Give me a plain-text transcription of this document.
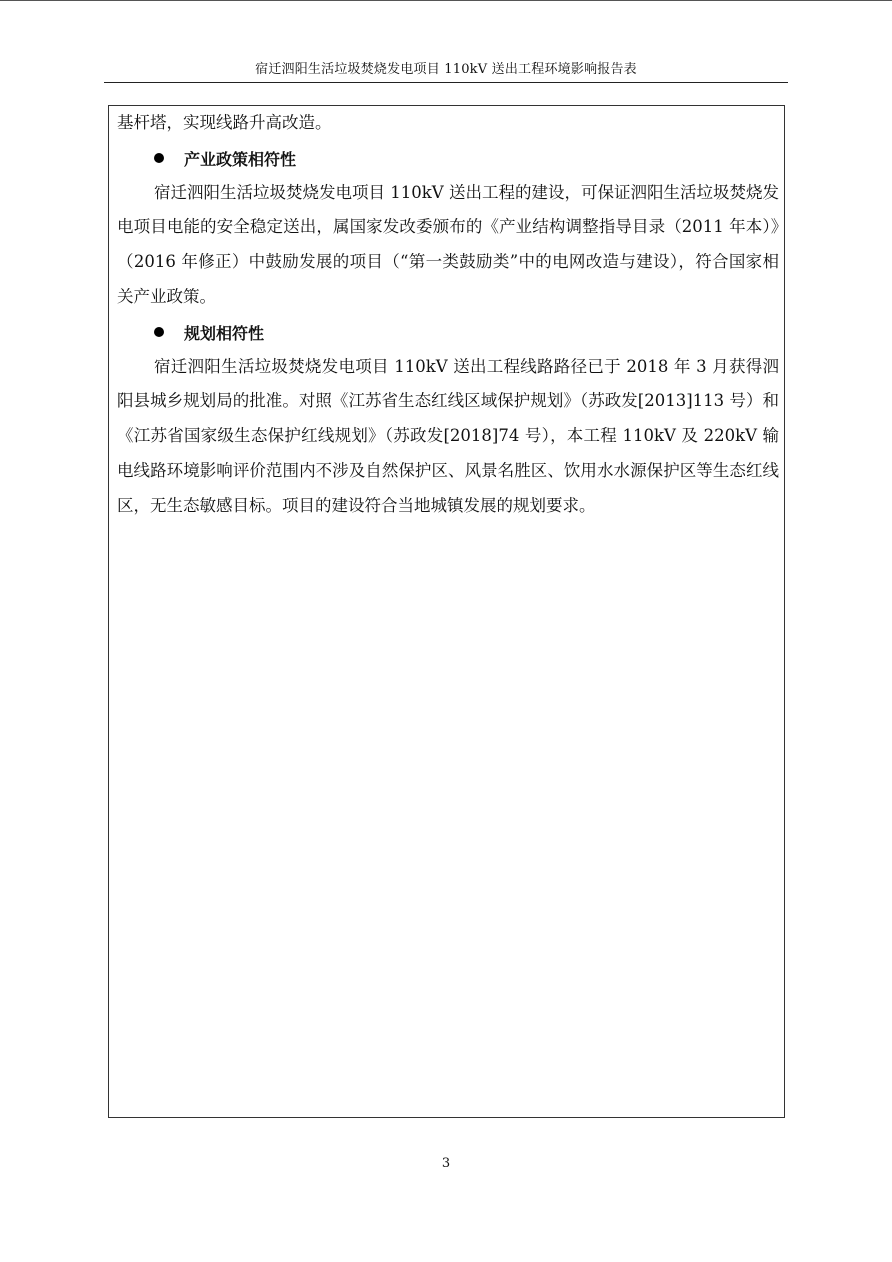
宿迁泗阳生活垃圾焚烧发电项目 110kV 送出工程环境影响报告表

基杆塔，实现线路升高改造。

产业政策相符性

宿迁泗阳生活垃圾焚烧发电项目 110kV 送出工程的建设，可保证泗阳生活垃圾焚烧发电项目电能的安全稳定送出，属国家发改委颁布的《产业结构调整指导目录（2011 年本）》（2016 年修正）中鼓励发展的项目（“第一类鼓励类”中的电网改造与建设），符合国家相关产业政策。

规划相符性

宿迁泗阳生活垃圾焚烧发电项目 110kV 送出工程线路路径已于 2018 年 3 月获得泗阳县城乡规划局的批准。对照《江苏省生态红线区域保护规划》（苏政发[2013]113 号）和《江苏省国家级生态保护红线规划》（苏政发[2018]74 号），本工程 110kV 及 220kV 输电线路环境影响评价范围内不涉及自然保护区、风景名胜区、饮用水水源保护区等生态红线区，无生态敏感目标。项目的建设符合当地城镇发展的规划要求。

3
